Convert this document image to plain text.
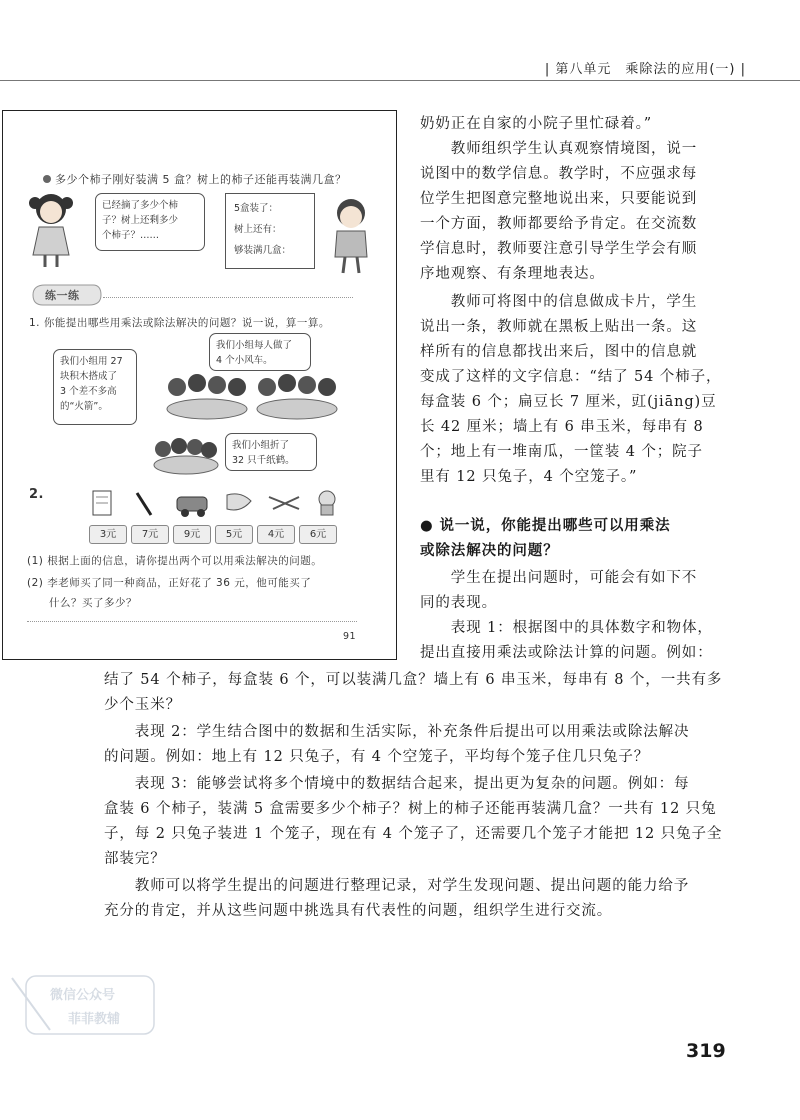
| 第八单元　乘除法的应用(一) |
多少个柿子刚好装满 5 盒？树上的柿子还能再装满几盒？
已经摘了多少个柿
子？树上还剩多少
个柿子？……
5盒装了：
树上还有：
够装满几盒：
练一练
1. 你能提出哪些用乘法或除法解决的问题？说一说，算一算。
我们小组用 27
块积木搭成了
3 个差不多高
的“火箭”。
我们小组每人做了
4 个小风车。
我们小组折了
32 只千纸鹤。
2.
3元	7元	9元	5元	4元	6元
(1) 根据上面的信息，请你提出两个可以用乘法解决的问题。
(2) 李老师买了同一种商品，正好花了 36 元，他可能买了
什么？买了多少？
91

奶奶正在自家的小院子里忙碌着。”

　　教师组织学生认真观察情境图，说一

说图中的数学信息。教学时，不应强求每

位学生把图意完整地说出来，只要能说到

一个方面，教师都要给予肯定。在交流数

学信息时，教师要注意引导学生学会有顺

序地观察、有条理地表达。

　　教师可将图中的信息做成卡片，学生

说出一条，教师就在黑板上贴出一条。这

样所有的信息都找出来后，图中的信息就

变成了这样的文字信息：“结了 54 个柿子，

每盒装 6 个；扁豆长 7 厘米，豇(jiāng)豆

长 42 厘米；墙上有 6 串玉米，每串有 8

个；地上有一堆南瓜，一筐装 4 个；院子

里有 12 只兔子，4 个空笼子。”

● 说一说，你能提出哪些可以用乘法

或除法解决的问题？

　　学生在提出问题时，可能会有如下不

同的表现。

　　表现 1：根据图中的具体数字和物体，

提出直接用乘法或除法计算的问题。例如：

结了 54 个柿子，每盒装 6 个，可以装满几盒？墙上有 6 串玉米，每串有 8 个，一共有多

少个玉米？

　　表现 2：学生结合图中的数据和生活实际，补充条件后提出可以用乘法或除法解决

的问题。例如：地上有 12 只兔子，有 4 个空笼子，平均每个笼子住几只兔子？

　　表现 3：能够尝试将多个情境中的数据结合起来，提出更为复杂的问题。例如：每

盒装 6 个柿子，装满 5 盒需要多少个柿子？树上的柿子还能再装满几盒？一共有 12 只兔

子，每 2 只兔子装进 1 个笼子，现在有 4 个笼子了，还需要几个笼子才能把 12 只兔子全

部装完？

　　教师可以将学生提出的问题进行整理记录，对学生发现问题、提出问题的能力给予

充分的肯定，并从这些问题中挑选具有代表性的问题，组织学生进行交流。

微信公众号
菲菲教辅
319
